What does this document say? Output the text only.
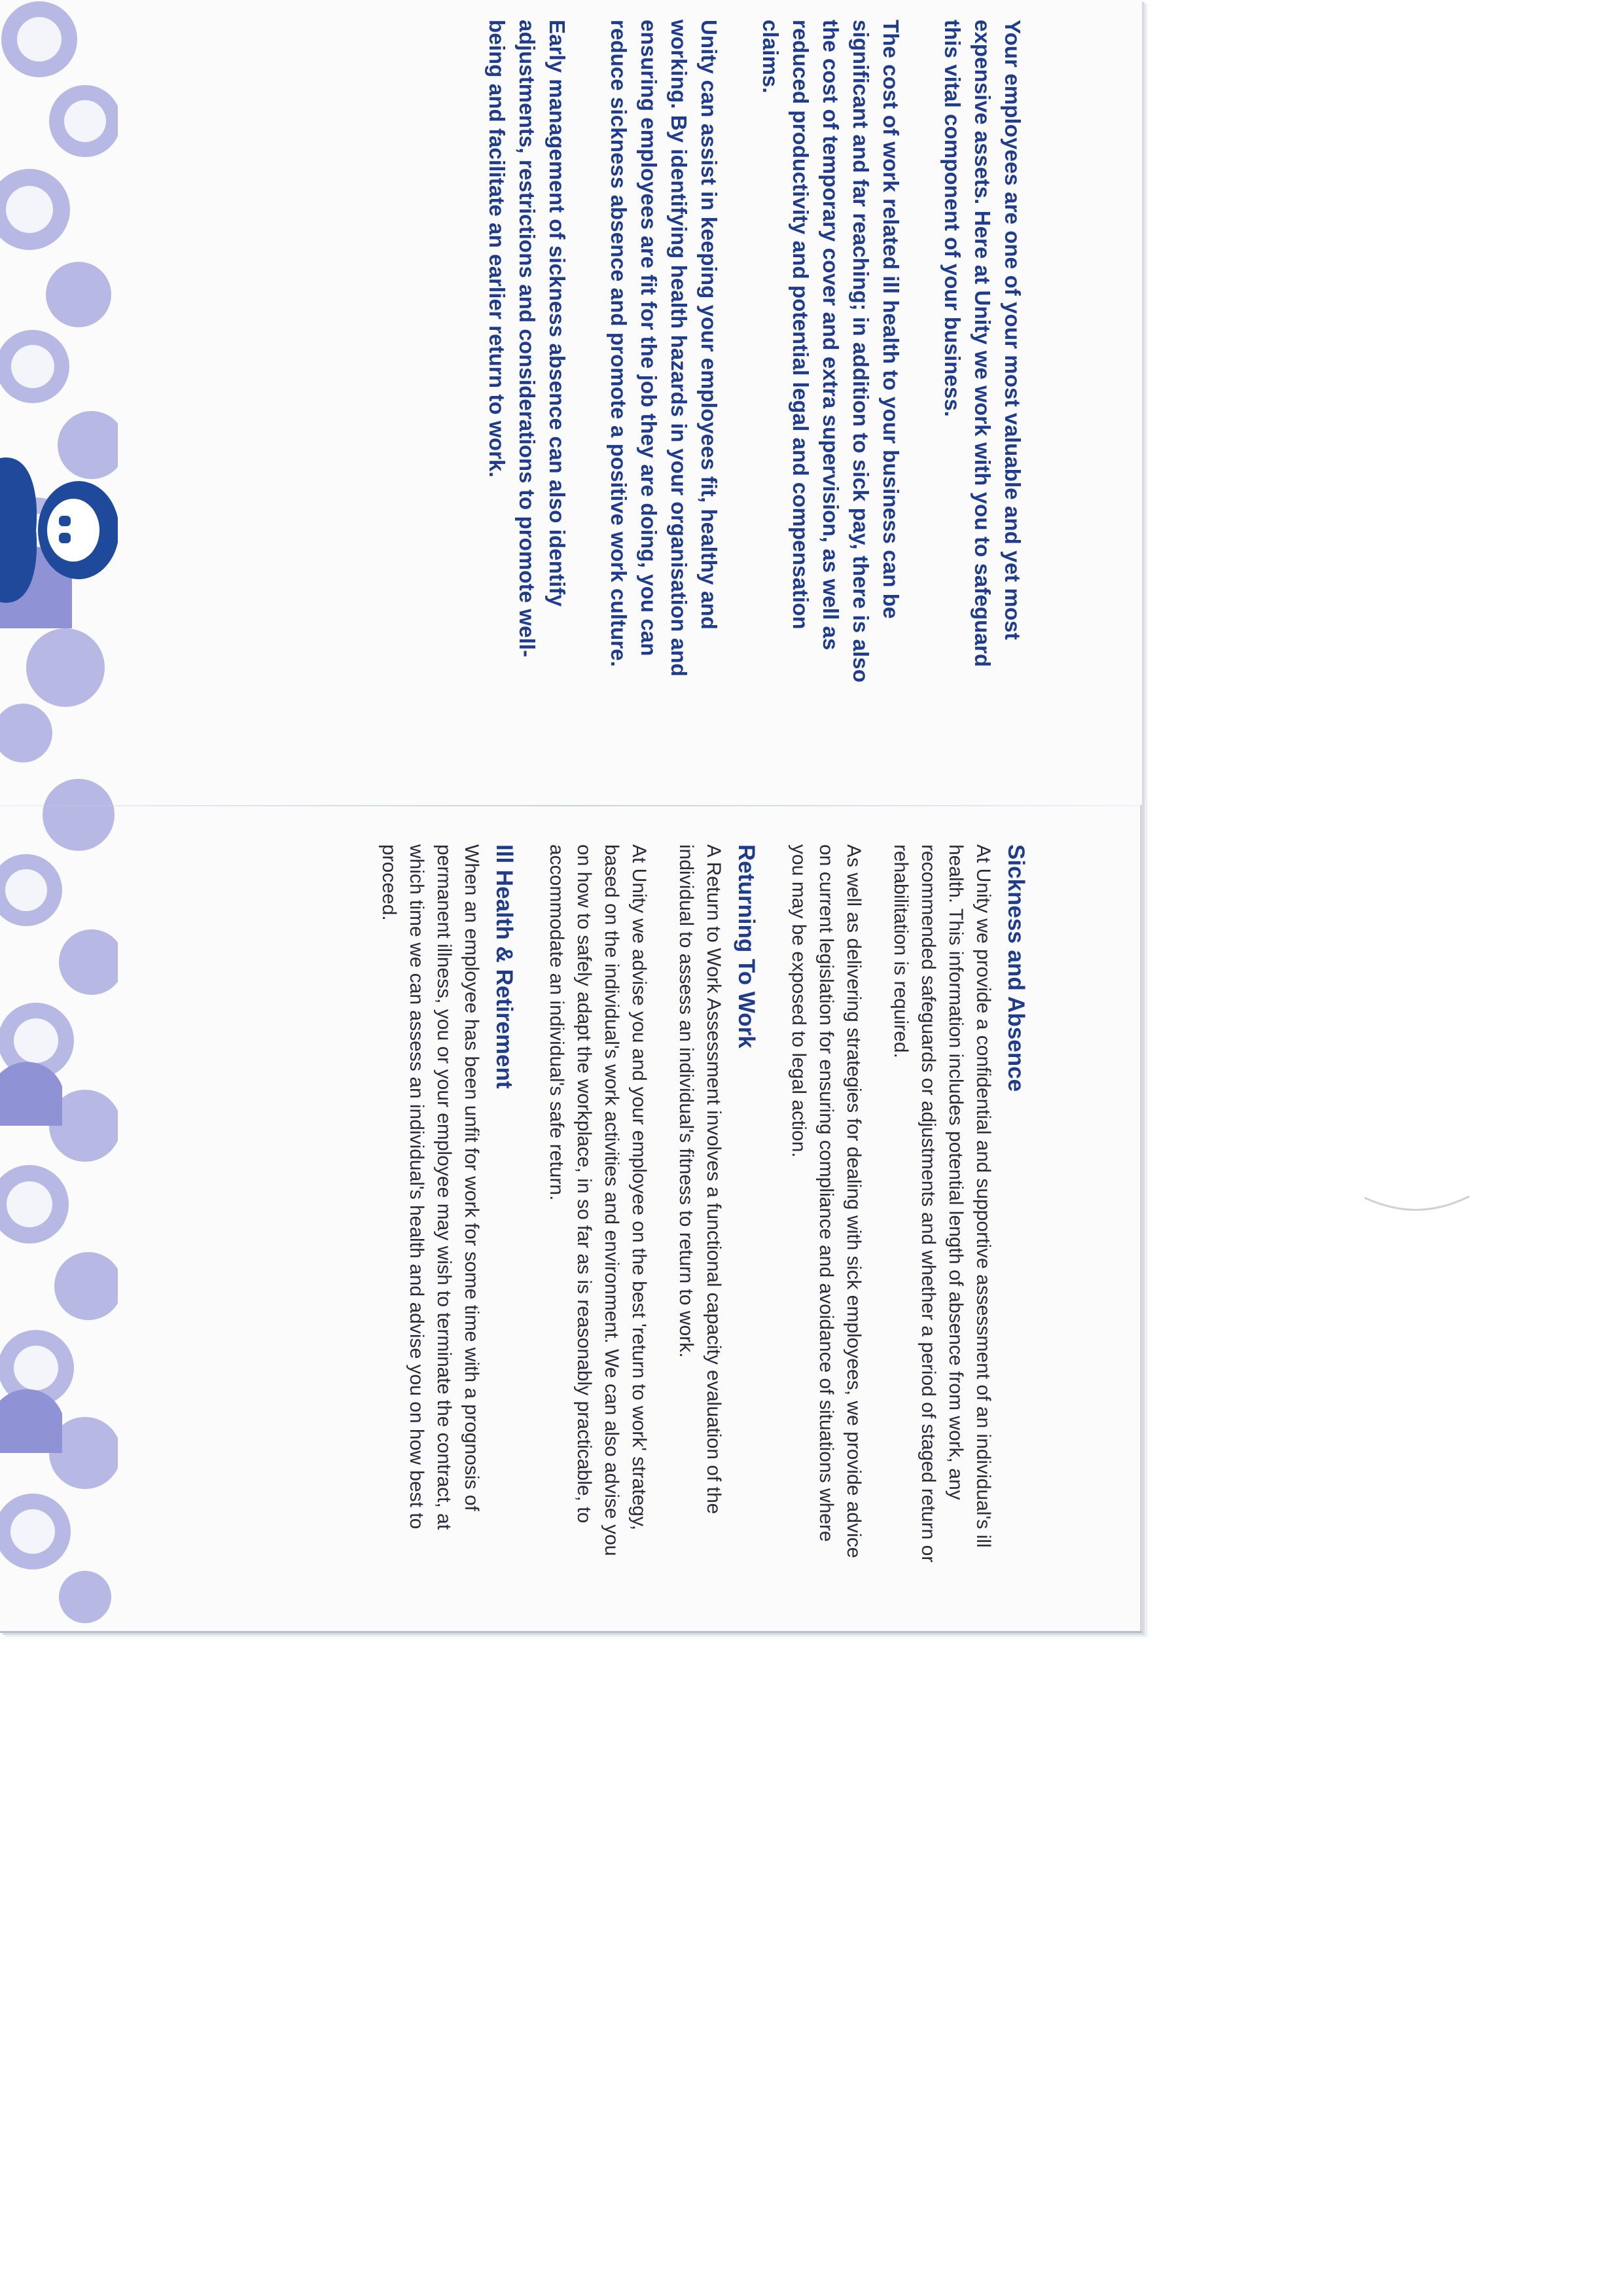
Your employees are one of your most valuable and yet most expensive assets. Here at Unity we work with you to safeguard this vital component of your business.

The cost of work related ill health to your business can be significant and far reaching; in addition to sick pay, there is also the cost of temporary cover and extra supervision, as well as reduced productivity and potential legal and compensation claims.

Unity can assist in keeping your employees fit, healthy and working. By identifying health hazards in your organisation and ensuring employees are fit for the job they are doing, you can reduce sickness absence and promote a positive work culture.

Early management of sickness absence can also identify adjustments, restrictions and considerations to promote well-being and facilitate an earlier return to work.

Sickness and Absence

At Unity we provide a confidential and supportive assessment of an individual's ill health. This information includes potential length of absence from work, any recommended safeguards or adjustments and whether a period of staged return or rehabilitation is required.

As well as delivering strategies for dealing with sick employees, we provide advice on current legislation for ensuring compliance and avoidance of situations where you may be exposed to legal action.

Returning To Work

A Return to Work Assessment involves a functional capacity evaluation of the individual to assess an individual's fitness to return to work.

At Unity we advise you and your employee on the best 'return to work' strategy, based on the individual's work activities and environment. We can also advise you on how to safely adapt the workplace, in so far as is reasonably practicable, to accommodate an individual's safe return.

Ill Health & Retirement

When an employee has been unfit for work for some time with a prognosis of permanent illness, you or your employee may wish to terminate the contract, at which time we can assess an individual's health and advise you on how best to proceed.
